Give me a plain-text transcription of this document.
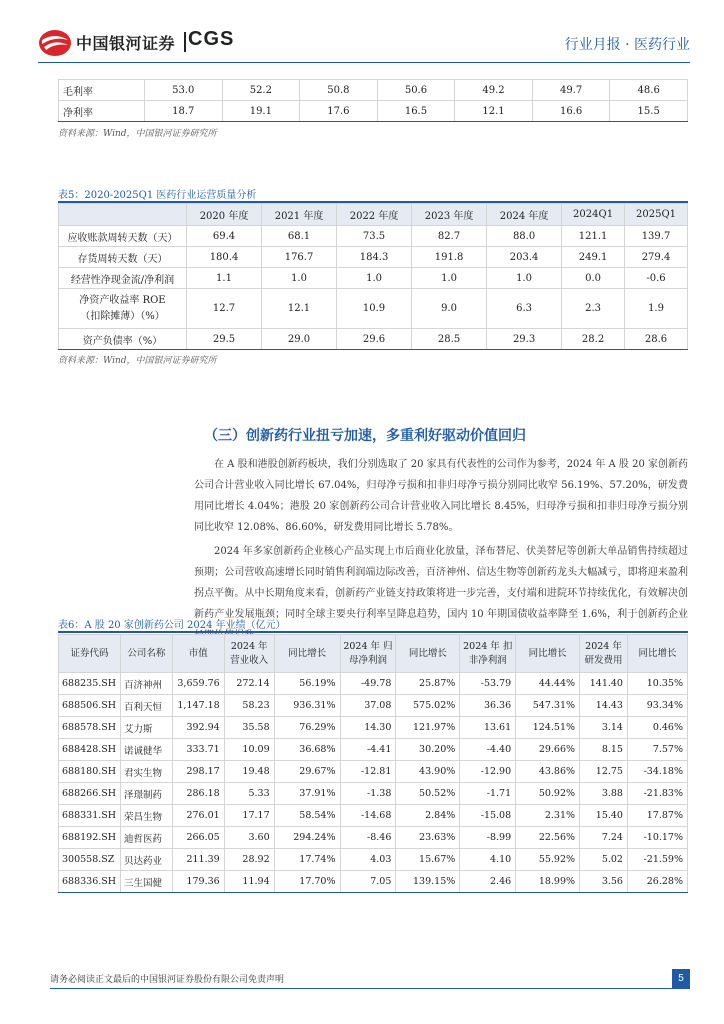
中国银河证券 CGS	行业月报 · 医药行业
毛利率	53.0	52.2	50.8	50.6	49.2	49.7	48.6
净利率	18.7	19.1	17.6	16.5	12.1	16.6	15.5
资料来源：Wind，中国银河证券研究所
表5：2020-2025Q1 医药行业运营质量分析
	2020 年度	2021 年度	2022 年度	2023 年度	2024 年度	2024Q1	2025Q1
应收账款周转天数（天）	69.4	68.1	73.5	82.7	88.0	121.1	139.7
存货周转天数（天）	180.4	176.7	184.3	191.8	203.4	249.1	279.4
经营性净现金流/净利润	1.1	1.0	1.0	1.0	1.0	0.0	-0.6
净资产收益率 ROE
（扣除摊薄）（%）	12.7	12.1	10.9	9.0	6.3	2.3	1.9
资产负债率（%）	29.5	29.0	29.6	28.5	29.3	28.2	28.6
资料来源：Wind，中国银河证券研究所
（三）创新药行业扭亏加速，多重利好驱动价值回归
在 A 股和港股创新药板块，我们分别选取了 20 家具有代表性的公司作为参考，2024 年 A 股 20 家创新药公司合计营业收入同比增长 67.04%，归母净亏损和扣非归母净亏损分别同比收窄 56.19%、57.20%，研发费用同比增长 4.04%；港股 20 家创新药公司合计营业收入同比增长 8.45%，归母净亏损和扣非归母净亏损分别同比收窄 12.08%、86.60%，研发费用同比增长 5.78%。
2024 年多家创新药企业核心产品实现上市后商业化放量，泽布替尼、伏美替尼等创新大单品销售持续超过预期；公司营收高速增长同时销售利润端边际改善，百济神州、信达生物等创新药龙头大幅减亏，即将迎来盈利拐点平衡。从中长期角度来看，创新药产业链支持政策将进一步完善，支付端和进院环节持续优化，有效解决创新药产业发展瓶颈；同时全球主要央行利率呈降息趋势，国内 10 年期国债收益率降至 1.6%，利于创新药企业
表6：A 股 20 家创新药公司 2024 年业绩（亿元）
证券代码	公司名称	市值	2024 年 营业收入	同比增长	2024 年 归母净利润	同比增长	2024 年 扣非净利润	同比增长	2024 年 研发费用	同比增长
688235.SH	百济神州	3,659.76	272.14	56.19%	-49.78	25.87%	-53.79	44.44%	141.40	10.35%
688506.SH	百利天恒	1,147.18	58.23	936.31%	37.08	575.02%	36.36	547.31%	14.43	93.34%
688578.SH	艾力斯	392.94	35.58	76.29%	14.30	121.97%	13.61	124.51%	3.14	0.46%
688428.SH	诺诚健华	333.71	10.09	36.68%	-4.41	30.20%	-4.40	29.66%	8.15	7.57%
688180.SH	君实生物	298.17	19.48	29.67%	-12.81	43.90%	-12.90	43.86%	12.75	-34.18%
688266.SH	泽璟制药	286.18	5.33	37.91%	-1.38	50.52%	-1.71	50.92%	3.88	-21.83%
688331.SH	荣昌生物	276.01	17.17	58.54%	-14.68	2.84%	-15.08	2.31%	15.40	17.87%
688192.SH	迪哲医药	266.05	3.60	294.24%	-8.46	23.63%	-8.99	22.56%	7.24	-10.17%
300558.SZ	贝达药业	211.39	28.92	17.74%	4.03	15.67%	4.10	55.92%	5.02	-21.59%
688336.SH	三生国健	179.36	11.94	17.70%	7.05	139.15%	2.46	18.99%	3.56	26.28%
请务必阅读正文最后的中国银河证券股份有限公司免责声明	5
